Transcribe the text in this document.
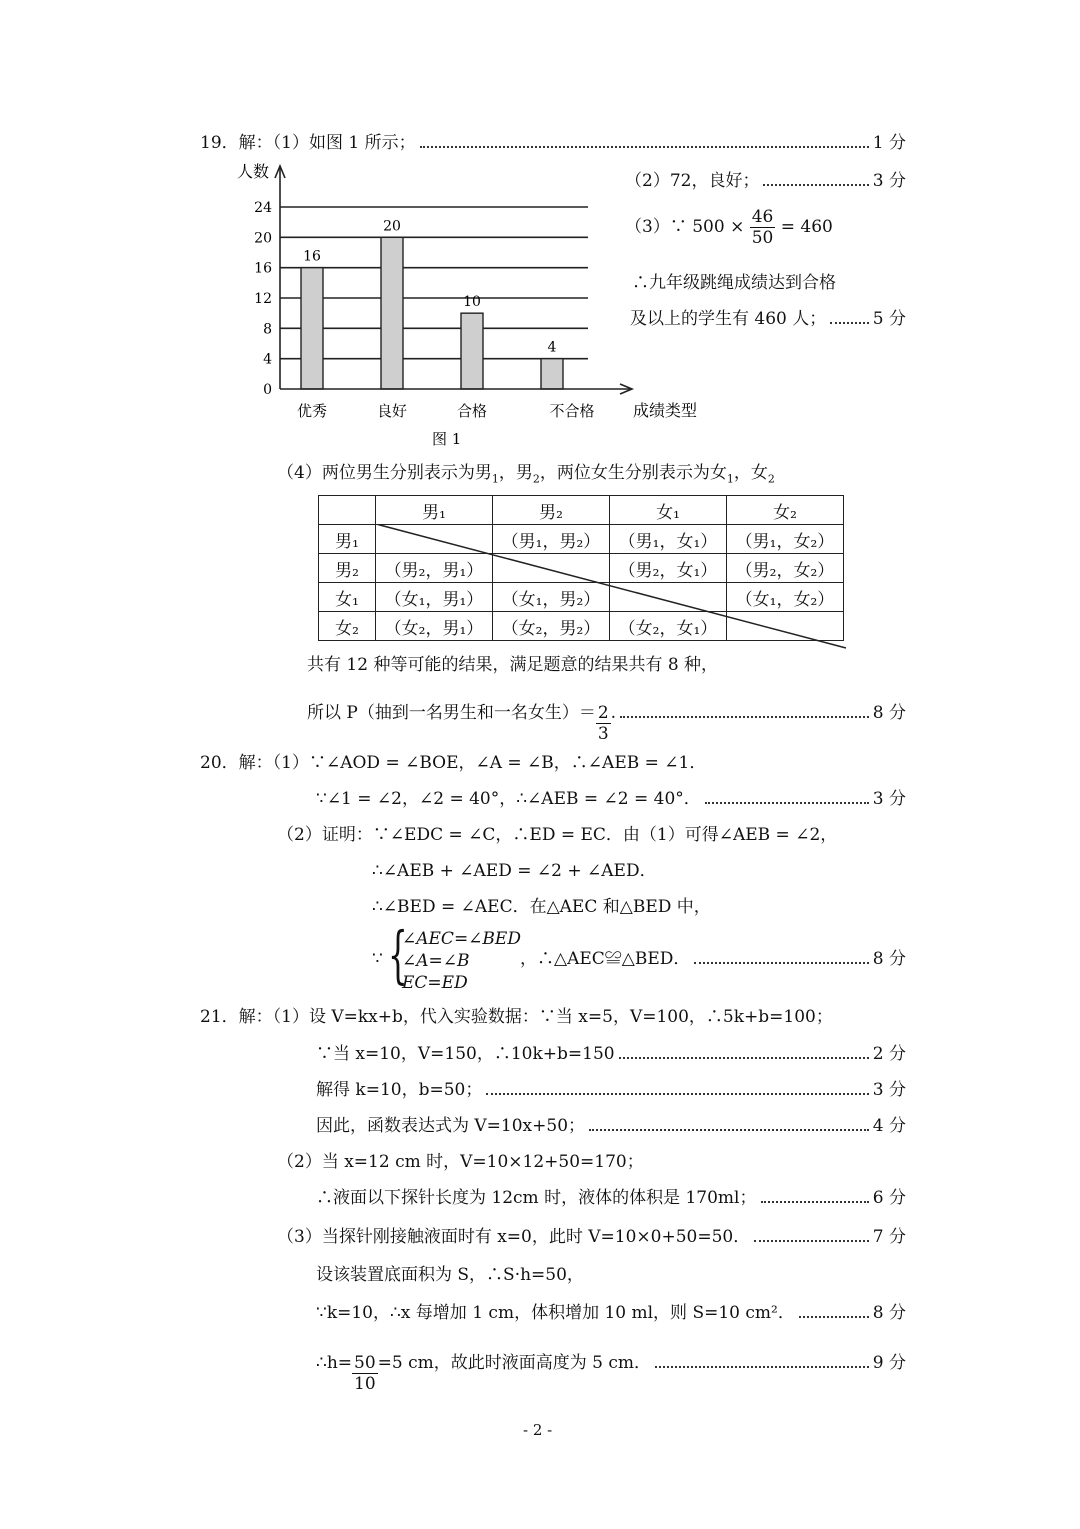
19．解：（1）如图 1 所示；	1 分
人数
16
20
10
4
0
4
8
12
16
20
24
优秀	良好	合格	不合格 成绩类型
图 1
（2）72，良好；	3 分
（3）∵ $500 \times \frac{46}{50} = 460$
∴九年级跳绳成绩达到合格
及以上的学生有 460 人；	5 分
（4）两位男生分别表示为男$_1$，男$_2$，两位女生分别表示为女$_1$，女$_2$
	男₁	男₂	女₁	女₂
男₁		（男₁，男₂）	（男₁，女₁）	（男₁，女₂）
男₂	（男₂，男₁）		（男₂，女₁）	（男₂，女₂）
女₁	（女₁，男₁）	（女₁，男₂）		（女₁，女₂）
女₂	（女₂，男₁）	（女₂，男₂）	（女₂，女₁）	
共有 12 种等可能的结果，满足题意的结果共有 8 种，
所以 P（抽到一名男生和一名女生）＝ $\frac{2}{3}$ .	8 分
20．解：（1）∵∠AOD = ∠BOE，∠A = ∠B，∴∠AEB = ∠1．
∵∠1 = ∠2，∠2 = 40°，∴∠AEB = ∠2 = 40°．	3 分
（2）证明：∵∠EDC = ∠C，∴ED = EC．由（1）可得∠AEB = ∠2，
∴∠AEB + ∠AED = ∠2 + ∠AED．
∴∠BED = ∠AEC．在△AEC 和△BED 中，
∵ {
∠AEC=∠BED
∠A=∠B
EC=ED
，∴△AEC≌△BED．	8 分
21．解：（1）设 V=kx+b，代入实验数据：∵当 x=5，V=100，∴5k+b=100；
∵当 x=10，V=150，∴10k+b=150	2 分
解得 k=10，b=50；	3 分
因此，函数表达式为 V=10x+50；	4 分
（2）当 x=12 cm 时，V=10×12+50=170；
∴液面以下探针长度为 12cm 时，液体的体积是 170ml；	6 分
（3）当探针刚接触液面时有 x=0，此时 V=10×0+50=50．	7 分
设该装置底面积为 S，∴S·h=50，
∵k=10，∴x 每增加 1 cm，体积增加 10 ml，则 S=10 cm²．	8 分
∴h= $\frac{50}{10} =5$ cm，故此时液面高度为 5 cm．	9 分
- 2 -
